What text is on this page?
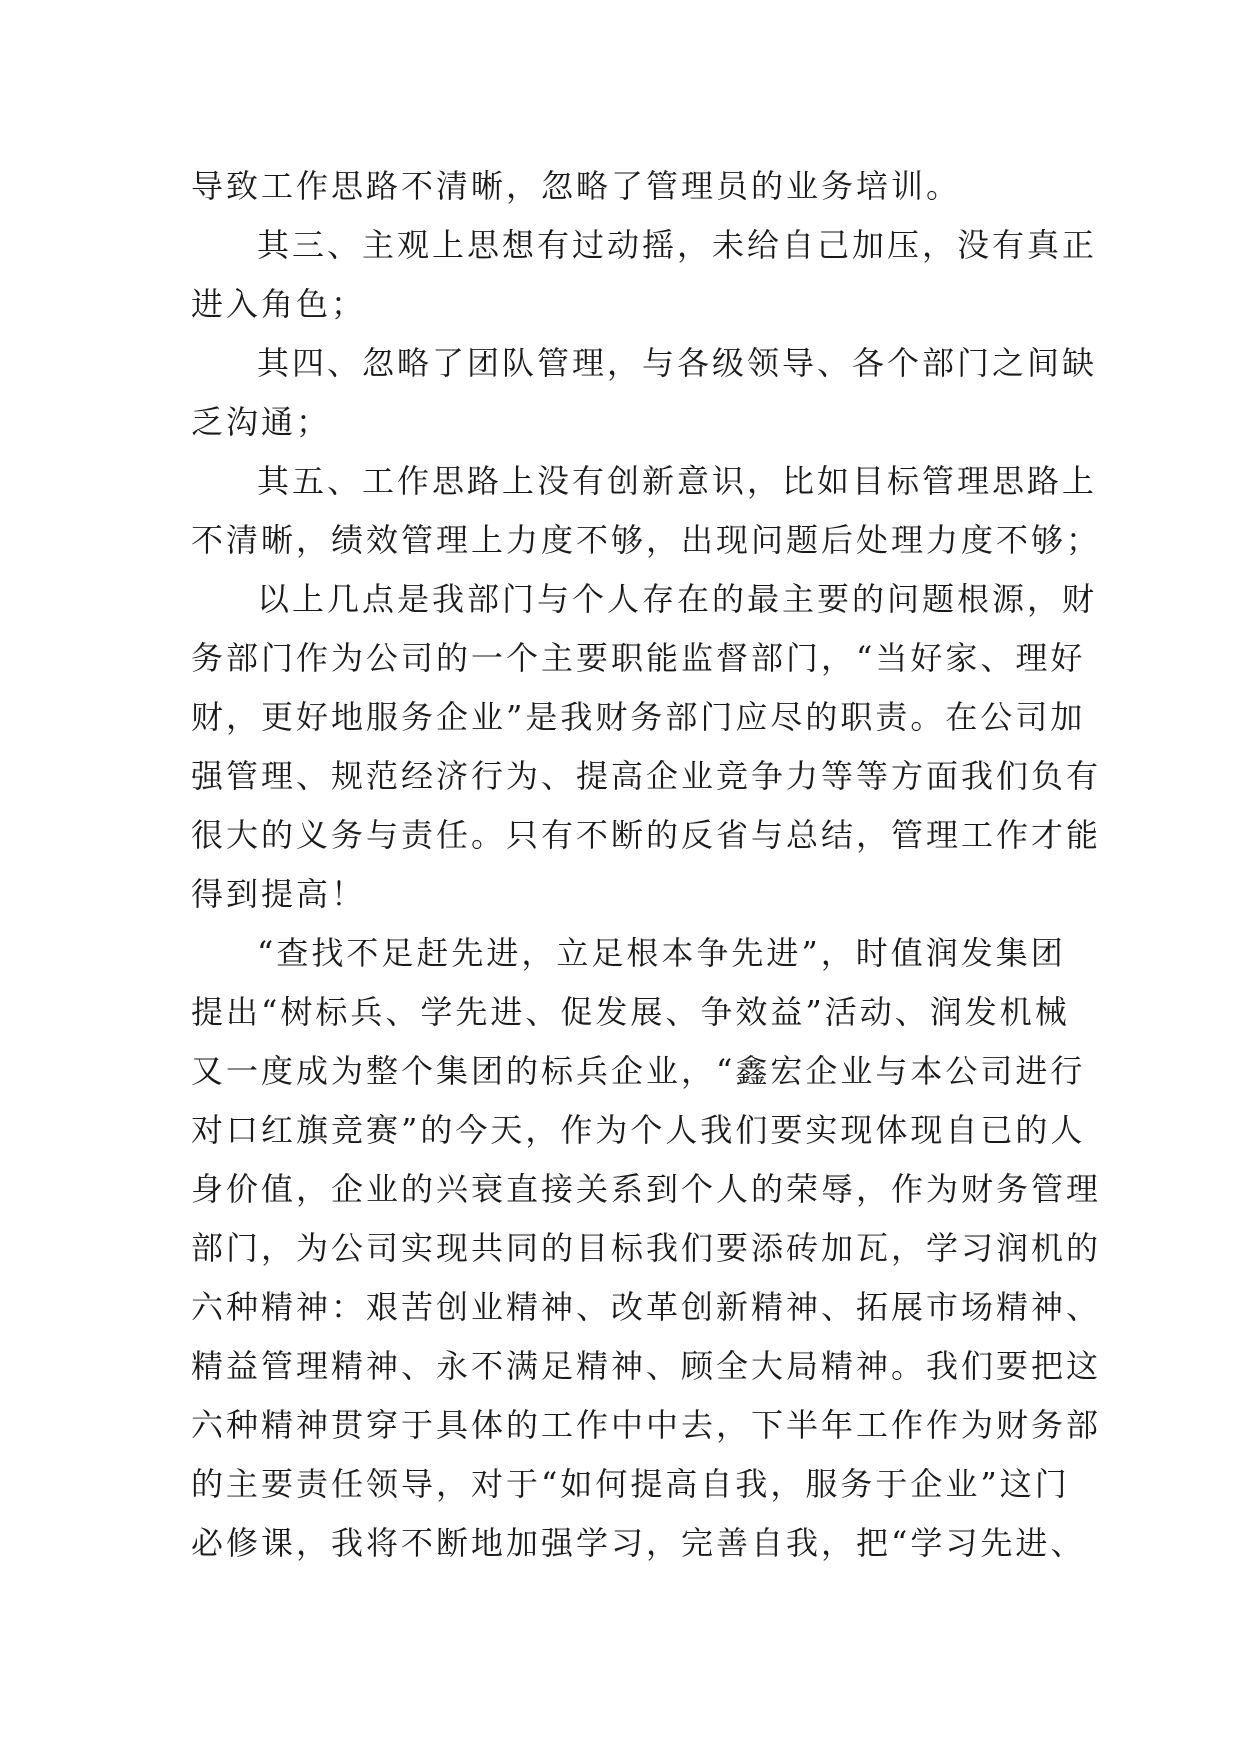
导致工作思路不清晰，忽略了管理员的业务培训。
其三、主观上思想有过动摇，未给自己加压，没有真正
进入角色；
其四、忽略了团队管理，与各级领导、各个部门之间缺
乏沟通；
其五、工作思路上没有创新意识，比如目标管理思路上
不清晰，绩效管理上力度不够，出现问题后处理力度不够；
以上几点是我部门与个人存在的最主要的问题根源，财
务部门作为公司的一个主要职能监督部门，“当好家、理好
财，更好地服务企业”是我财务部门应尽的职责。在公司加
强管理、规范经济行为、提高企业竞争力等等方面我们负有
很大的义务与责任。只有不断的反省与总结，管理工作才能
得到提高！
“查找不足赶先进，立足根本争先进”，时值润发集团
提出“树标兵、学先进、促发展、争效益”活动、润发机械
又一度成为整个集团的标兵企业，“鑫宏企业与本公司进行
对口红旗竞赛”的今天，作为个人我们要实现体现自已的人
身价值，企业的兴衰直接关系到个人的荣辱，作为财务管理
部门，为公司实现共同的目标我们要添砖加瓦，学习润机的
六种精神：艰苦创业精神、改革创新精神、拓展市场精神、
精益管理精神、永不满足精神、顾全大局精神。我们要把这
六种精神贯穿于具体的工作中中去，下半年工作作为财务部
的主要责任领导，对于“如何提高自我，服务于企业”这门
必修课，我将不断地加强学习，完善自我，把“学习先进、
